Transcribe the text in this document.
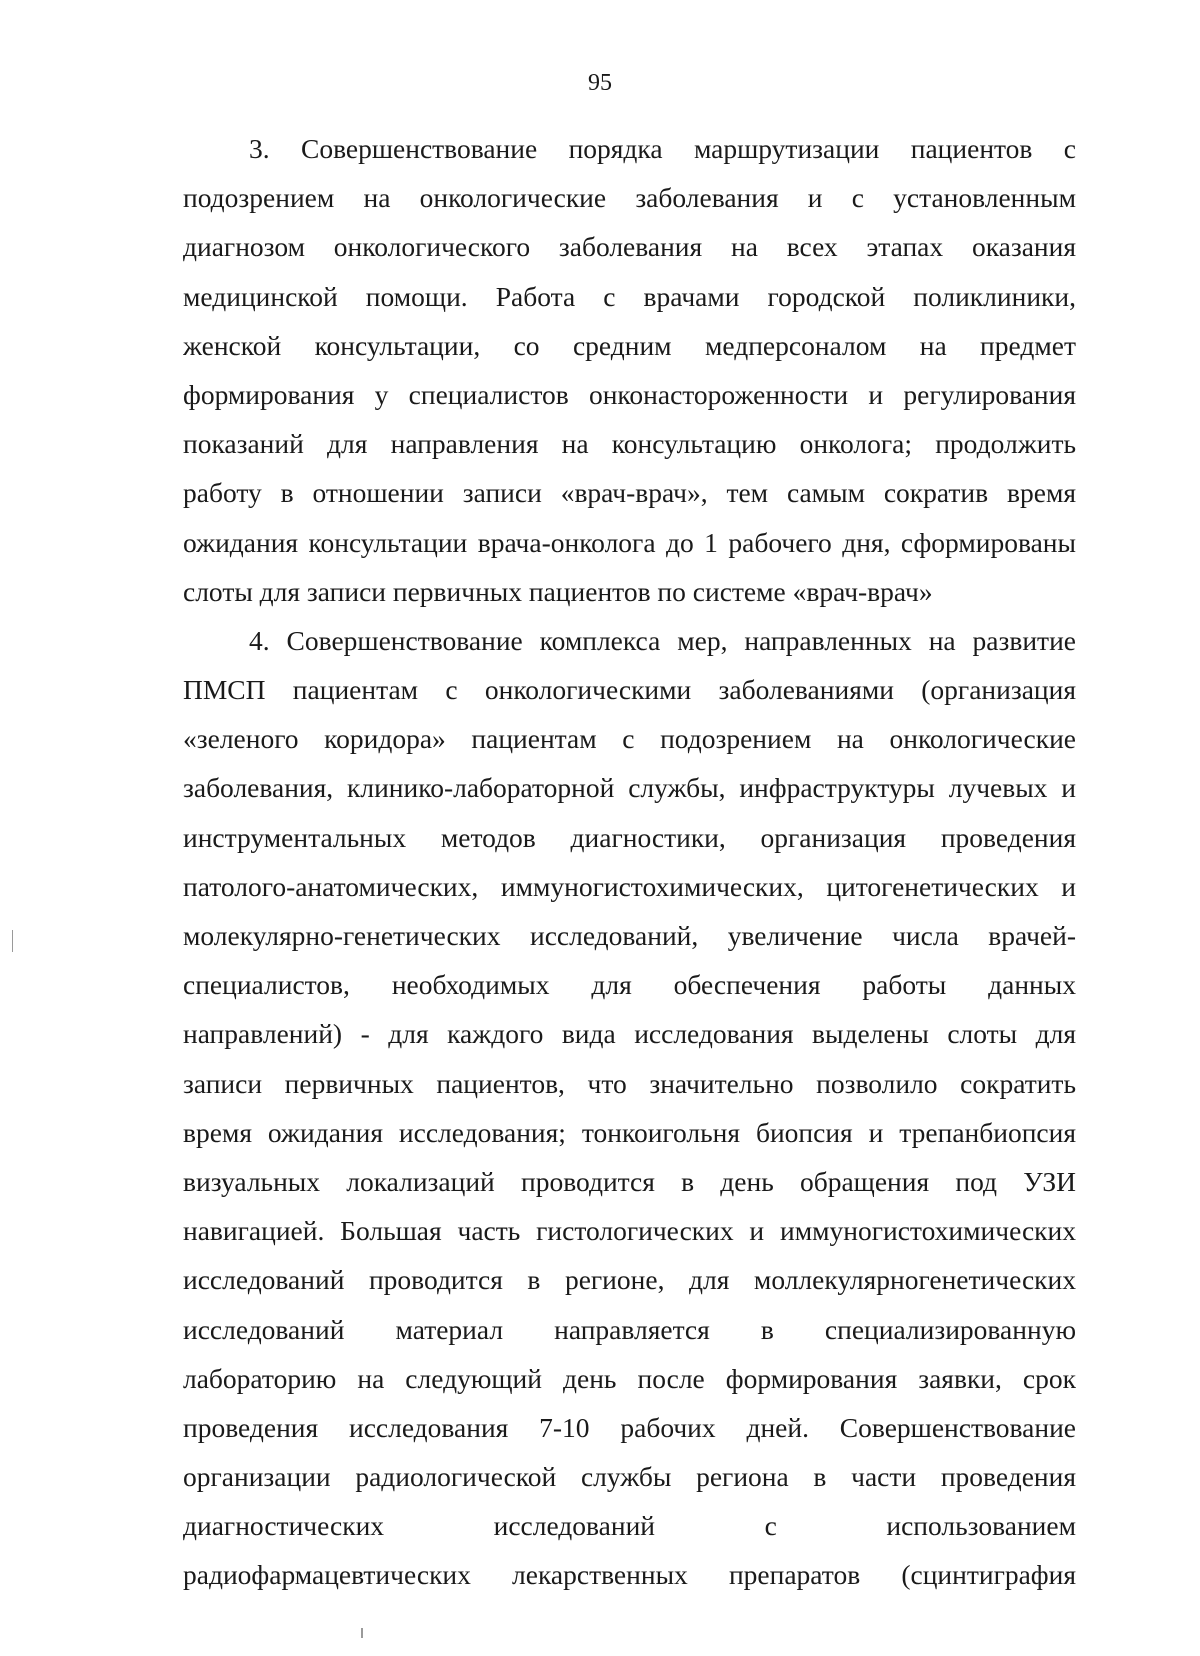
95
3. Совершенствование порядка маршрутизации пациентов с
подозрением на онкологические заболевания и с установленным
диагнозом онкологического заболевания на всех этапах оказания
медицинской помощи. Работа с врачами городской поликлиники,
женской консультации, со средним медперсоналом на предмет
формирования у специалистов онконастороженности и регулирования
показаний для направления на консультацию онколога; продолжить
работу в отношении записи «врач-врач», тем самым сократив время
ожидания консультации врача-онколога до 1 рабочего дня, сформированы
слоты для записи первичных пациентов по системе «врач-врач»
4. Совершенствование комплекса мер, направленных на развитие
ПМСП пациентам с онкологическими заболеваниями (организация
«зеленого коридора» пациентам с подозрением на онкологические
заболевания, клинико-лабораторной службы, инфраструктуры лучевых и
инструментальных методов диагностики, организация проведения
патолого-анатомических, иммуногистохимических, цитогенетических и
молекулярно-генетических исследований, увеличение числа врачей-
специалистов, необходимых для обеспечения работы данных
направлений) - для каждого вида исследования выделены слоты для
записи первичных пациентов, что значительно позволило сократить
время ожидания исследования; тонкоигольня биопсия и трепанбиопсия
визуальных локализаций проводится в день обращения под УЗИ
навигацией. Большая часть гистологических и иммуногистохимических
исследований проводится в регионе, для моллекулярногенетических
исследований материал направляется в специализированную
лабораторию на следующий день после формирования заявки, срок
проведения исследования 7-10 рабочих дней. Совершенствование
организации радиологической службы региона в части проведения
диагностических исследований с использованием
радиофармацевтических лекарственных препаратов (сцинтиграфия
